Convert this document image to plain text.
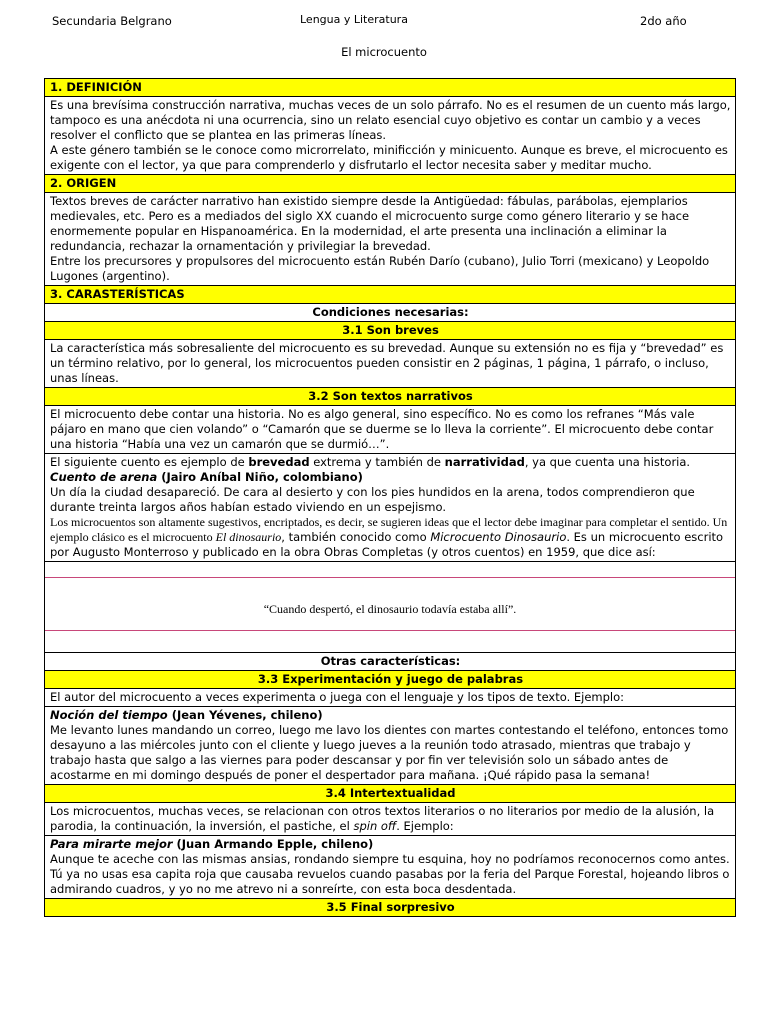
Secundaria Belgrano	Lengua y Literatura	2do año
El microcuento
1. DEFINICIÓN

Es una brevísima construcción narrativa, muchas veces de un solo párrafo. No es el resumen de un cuento más largo, tampoco es una anécdota ni una ocurrencia, sino un relato esencial cuyo objetivo es contar un cambio y a veces resolver el conflicto que se plantea en las primeras líneas.

A este género también se le conoce como microrrelato, minificción y minicuento. Aunque es breve, el microcuento es exigente con el lector, ya que para comprenderlo y disfrutarlo el lector necesita saber y meditar mucho.

2. ORIGEN

Textos breves de carácter narrativo han existido siempre desde la Antigüedad: fábulas, parábolas, ejemplarios medievales, etc. Pero es a mediados del siglo XX cuando el microcuento surge como género literario y se hace enormemente popular en Hispanoamérica. En la modernidad, el arte presenta una inclinación a eliminar la redundancia, rechazar la ornamentación y privilegiar la brevedad.

Entre los precursores y propulsores del microcuento están Rubén Darío (cubano), Julio Torri (mexicano) y Leopoldo Lugones (argentino).

3. CARASTERÍSTICAS
Condiciones necesarias:
3.1 Son breves

La característica más sobresaliente del microcuento es su brevedad. Aunque su extensión no es fija y “brevedad” es un término relativo, por lo general, los microcuentos pueden consistir en 2 páginas, 1 página, 1 párrafo, o incluso, unas líneas.

3.2 Son textos narrativos

El microcuento debe contar una historia. No es algo general, sino específico. No es como los refranes “Más vale pájaro en mano que cien volando” o “Camarón que se duerme se lo lleva la corriente”. El microcuento debe contar una historia “Había una vez un camarón que se durmió…”.

El siguiente cuento es ejemplo de brevedad extrema y también de narratividad, ya que cuenta una historia.

Cuento de arena (Jairo Aníbal Niño, colombiano)

Un día la ciudad desapareció. De cara al desierto y con los pies hundidos en la arena, todos comprendieron que durante treinta largos años habían estado viviendo en un espejismo.

Los microcuentos son altamente sugestivos, encriptados, es decir, se sugieren ideas que el lector debe imaginar para completar el sentido. Un ejemplo clásico es el microcuento El dinosaurio, también conocido como Microcuento Dinosaurio. Es un microcuento escrito por Augusto Monterroso y publicado en la obra Obras Completas (y otros cuentos) en 1959, que dice así:

“Cuando despertó, el dinosaurio todavía estaba allí”.

Otras características:
3.3 Experimentación y juego de palabras

El autor del microcuento a veces experimenta o juega con el lenguaje y los tipos de texto. Ejemplo:

Noción del tiempo (Jean Yévenes, chileno)

Me levanto lunes mandando un correo, luego me lavo los dientes con martes contestando el teléfono, entonces tomo desayuno a las miércoles junto con el cliente y luego jueves a la reunión todo atrasado, mientras que trabajo y trabajo hasta que salgo a las viernes para poder descansar y por fin ver televisión solo un sábado antes de acostarme en mi domingo después de poner el despertador para mañana. ¡Qué rápido pasa la semana!

3.4 Intertextualidad

Los microcuentos, muchas veces, se relacionan con otros textos literarios o no literarios por medio de la alusión, la parodia, la continuación, la inversión, el pastiche, el spin off. Ejemplo:

Para mirarte mejor (Juan Armando Epple, chileno)

Aunque te aceche con las mismas ansias, rondando siempre tu esquina, hoy no podríamos reconocernos como antes. Tú ya no usas esa capita roja que causaba revuelos cuando pasabas por la feria del Parque Forestal, hojeando libros o admirando cuadros, y yo no me atrevo ni a sonreírte, con esta boca desdentada.

3.5 Final sorpresivo
